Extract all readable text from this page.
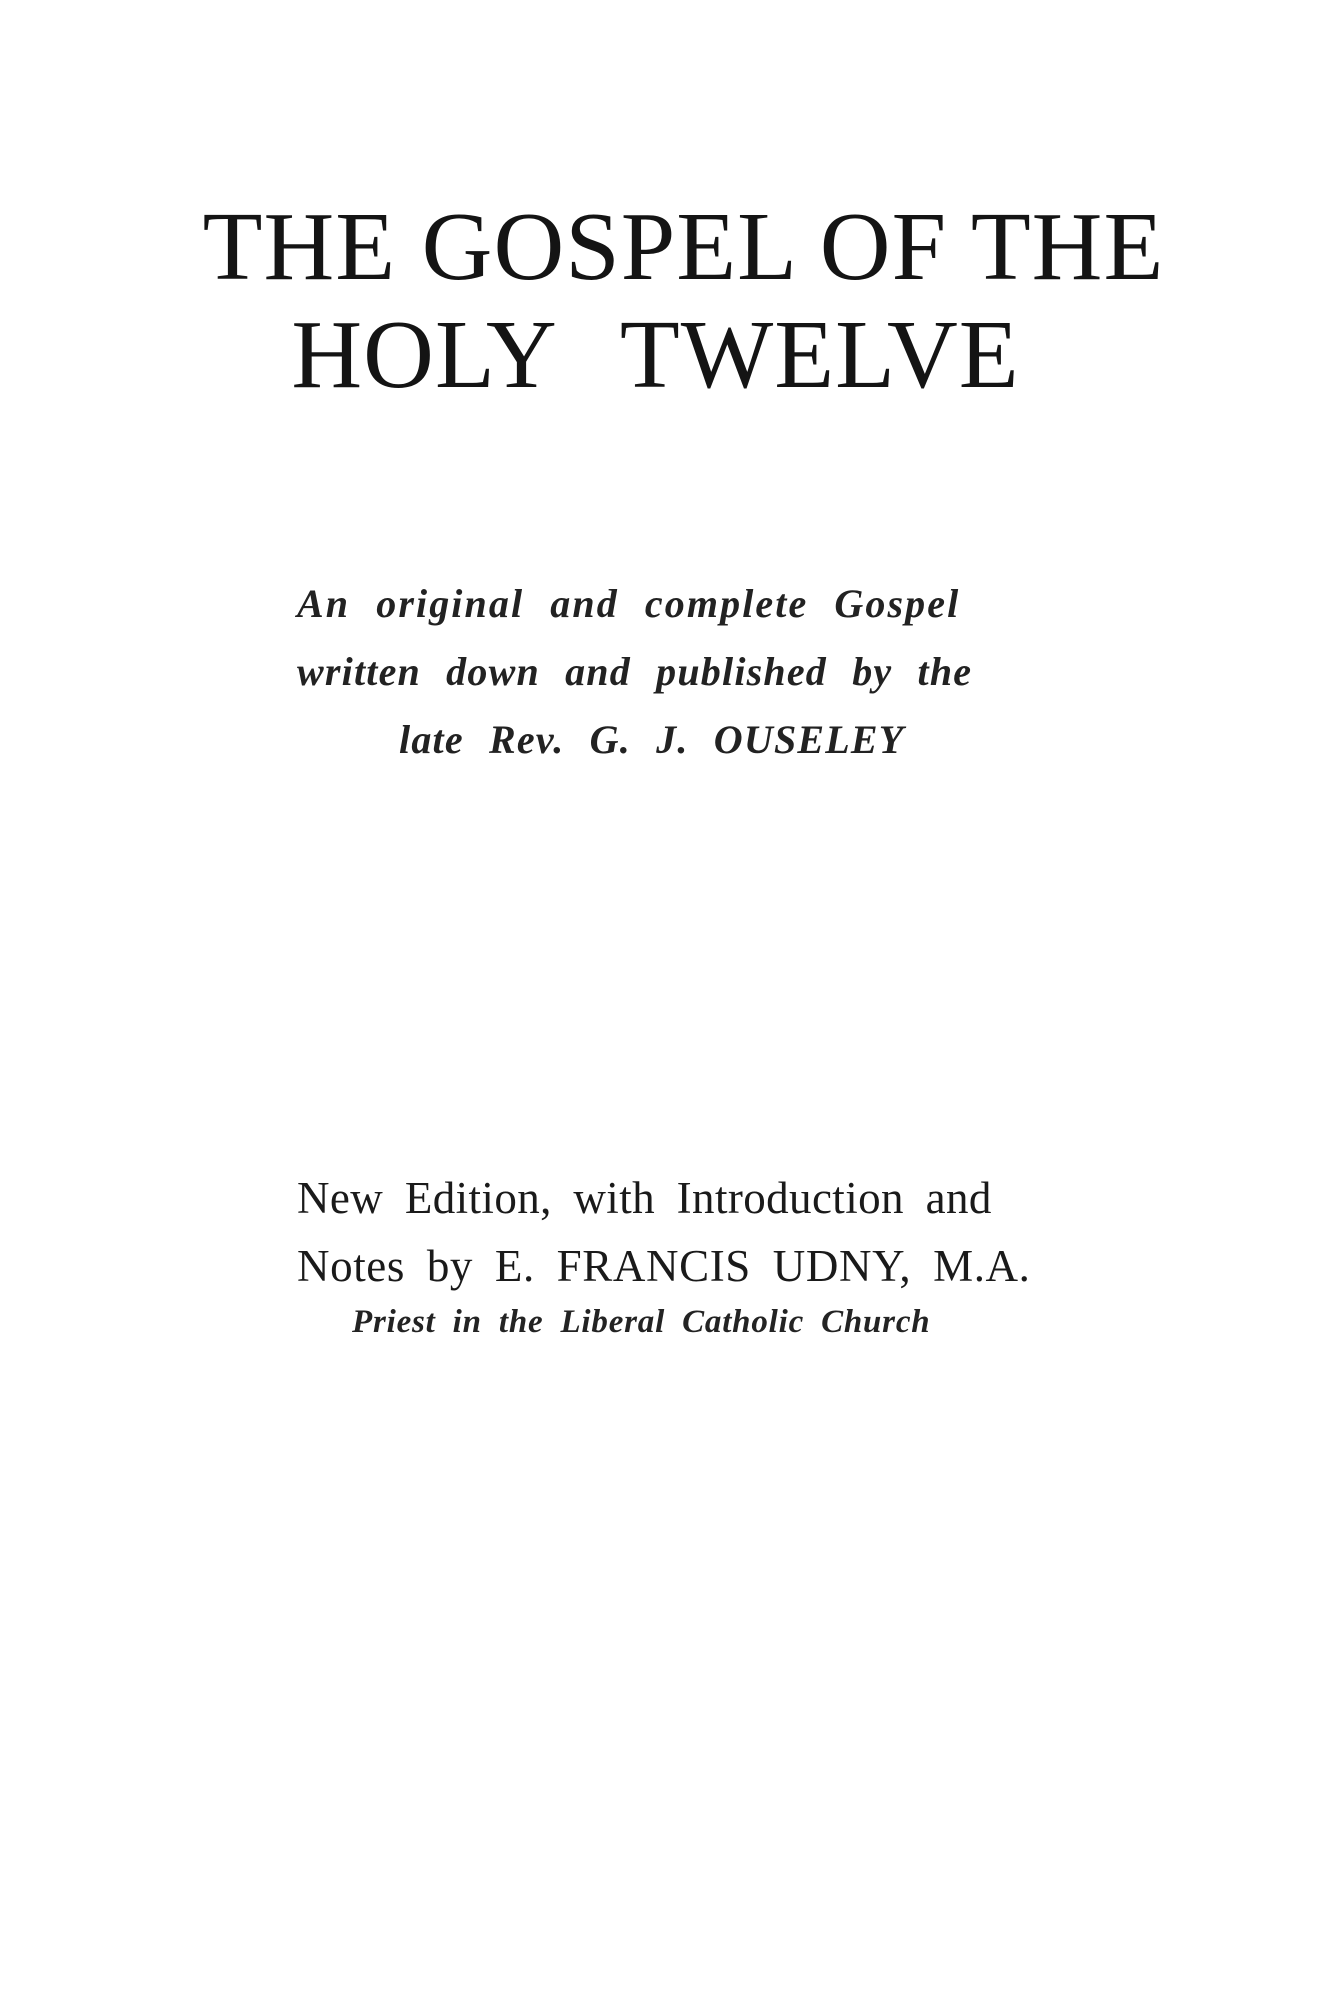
THE GOSPEL OF THE
HOLY TWELVE
An original and complete Gospel
written down and published by the
late Rev. G. J. OUSELEY
New Edition, with Introduction and
Notes by E. FRANCIS UDNY, M.A.
Priest in the Liberal Catholic Church
